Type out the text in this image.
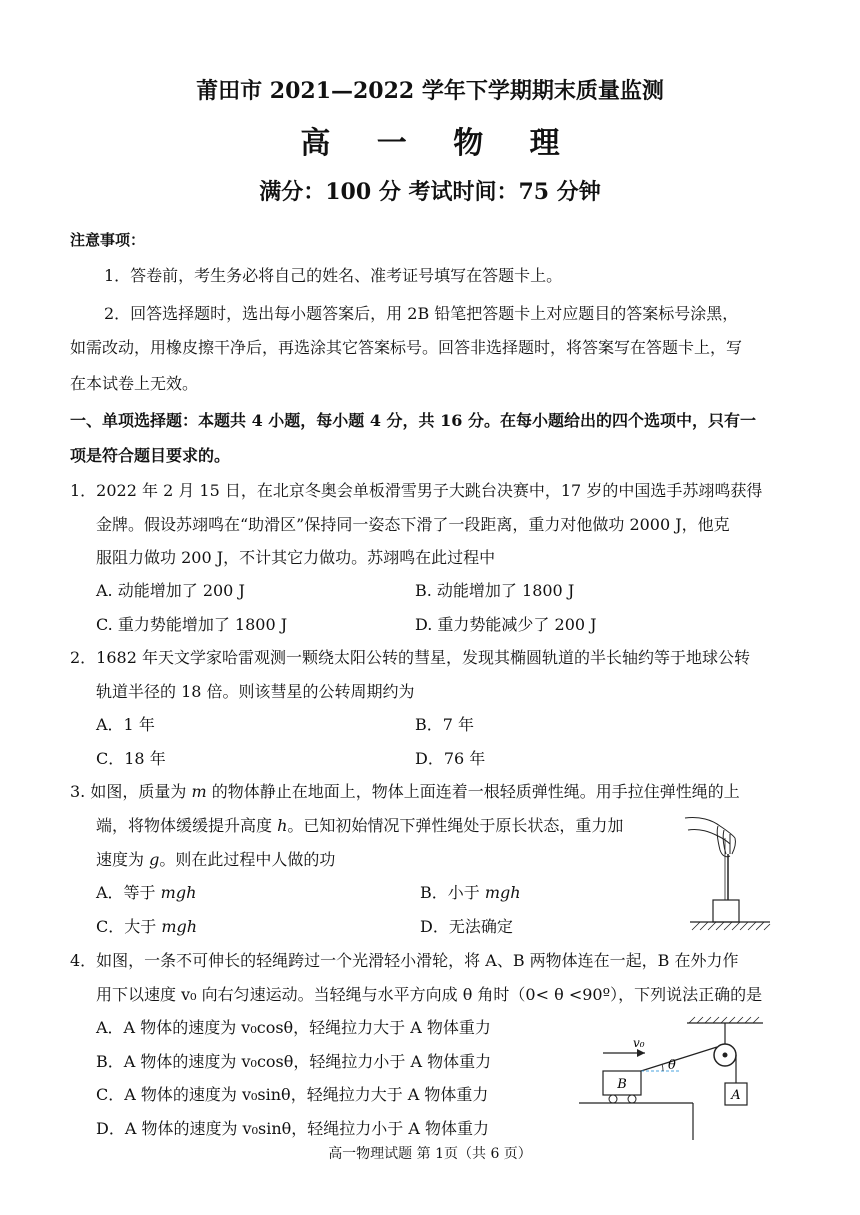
莆田市 2021—2022 学年下学期期末质量监测
高 一 物 理
满分：100 分 考试时间：75 分钟
注意事项：
1．答卷前，考生务必将自己的姓名、准考证号填写在答题卡上。
2．回答选择题时，选出每小题答案后，用 2B 铅笔把答题卡上对应题目的答案标号涂黑，
如需改动，用橡皮擦干净后，再选涂其它答案标号。回答非选择题时，将答案写在答题卡上，写
在本试卷上无效。
一、单项选择题：本题共 4 小题，每小题 4 分，共 16 分。在每小题给出的四个选项中，只有一
项是符合题目要求的。
1．2022 年 2 月 15 日，在北京冬奥会单板滑雪男子大跳台决赛中，17 岁的中国选手苏翊鸣获得
金牌。假设苏翊鸣在“助滑区”保持同一姿态下滑了一段距离，重力对他做功 2000 J，他克
服阻力做功 200 J，不计其它力做功。苏翊鸣在此过程中
A. 动能增加了 200 J	B. 动能增加了 1800 J
C. 重力势能增加了 1800 J	D. 重力势能减少了 200 J
2．1682 年天文学家哈雷观测一颗绕太阳公转的彗星，发现其椭圆轨道的半长轴约等于地球公转
轨道半径的 18 倍。则该彗星的公转周期约为
A．1 年	B．7 年
C．18 年	D．76 年
3. 如图，质量为 m 的物体静止在地面上，物体上面连着一根轻质弹性绳。用手拉住弹性绳的上
端，将物体缓缓提升高度 h。已知初始情况下弹性绳处于原长状态，重力加
速度为 g。则在此过程中人做的功
A．等于 mgh	B．小于 mgh
C．大于 mgh	D．无法确定
4．如图，一条不可伸长的轻绳跨过一个光滑轻小滑轮，将 A、B 两物体连在一起，B 在外力作
用下以速度 v₀ 向右匀速运动。当轻绳与水平方向成 θ 角时（0< θ <90º），下列说法正确的是
A．A 物体的速度为 v₀cosθ，轻绳拉力大于 A 物体重力
B．A 物体的速度为 v₀cosθ，轻绳拉力小于 A 物体重力
C．A 物体的速度为 v₀sinθ，轻绳拉力大于 A 物体重力
D．A 物体的速度为 v₀sinθ，轻绳拉力小于 A 物体重力
A
θ
v₀
B
高一物理试题 第 1页（共 6 页）
